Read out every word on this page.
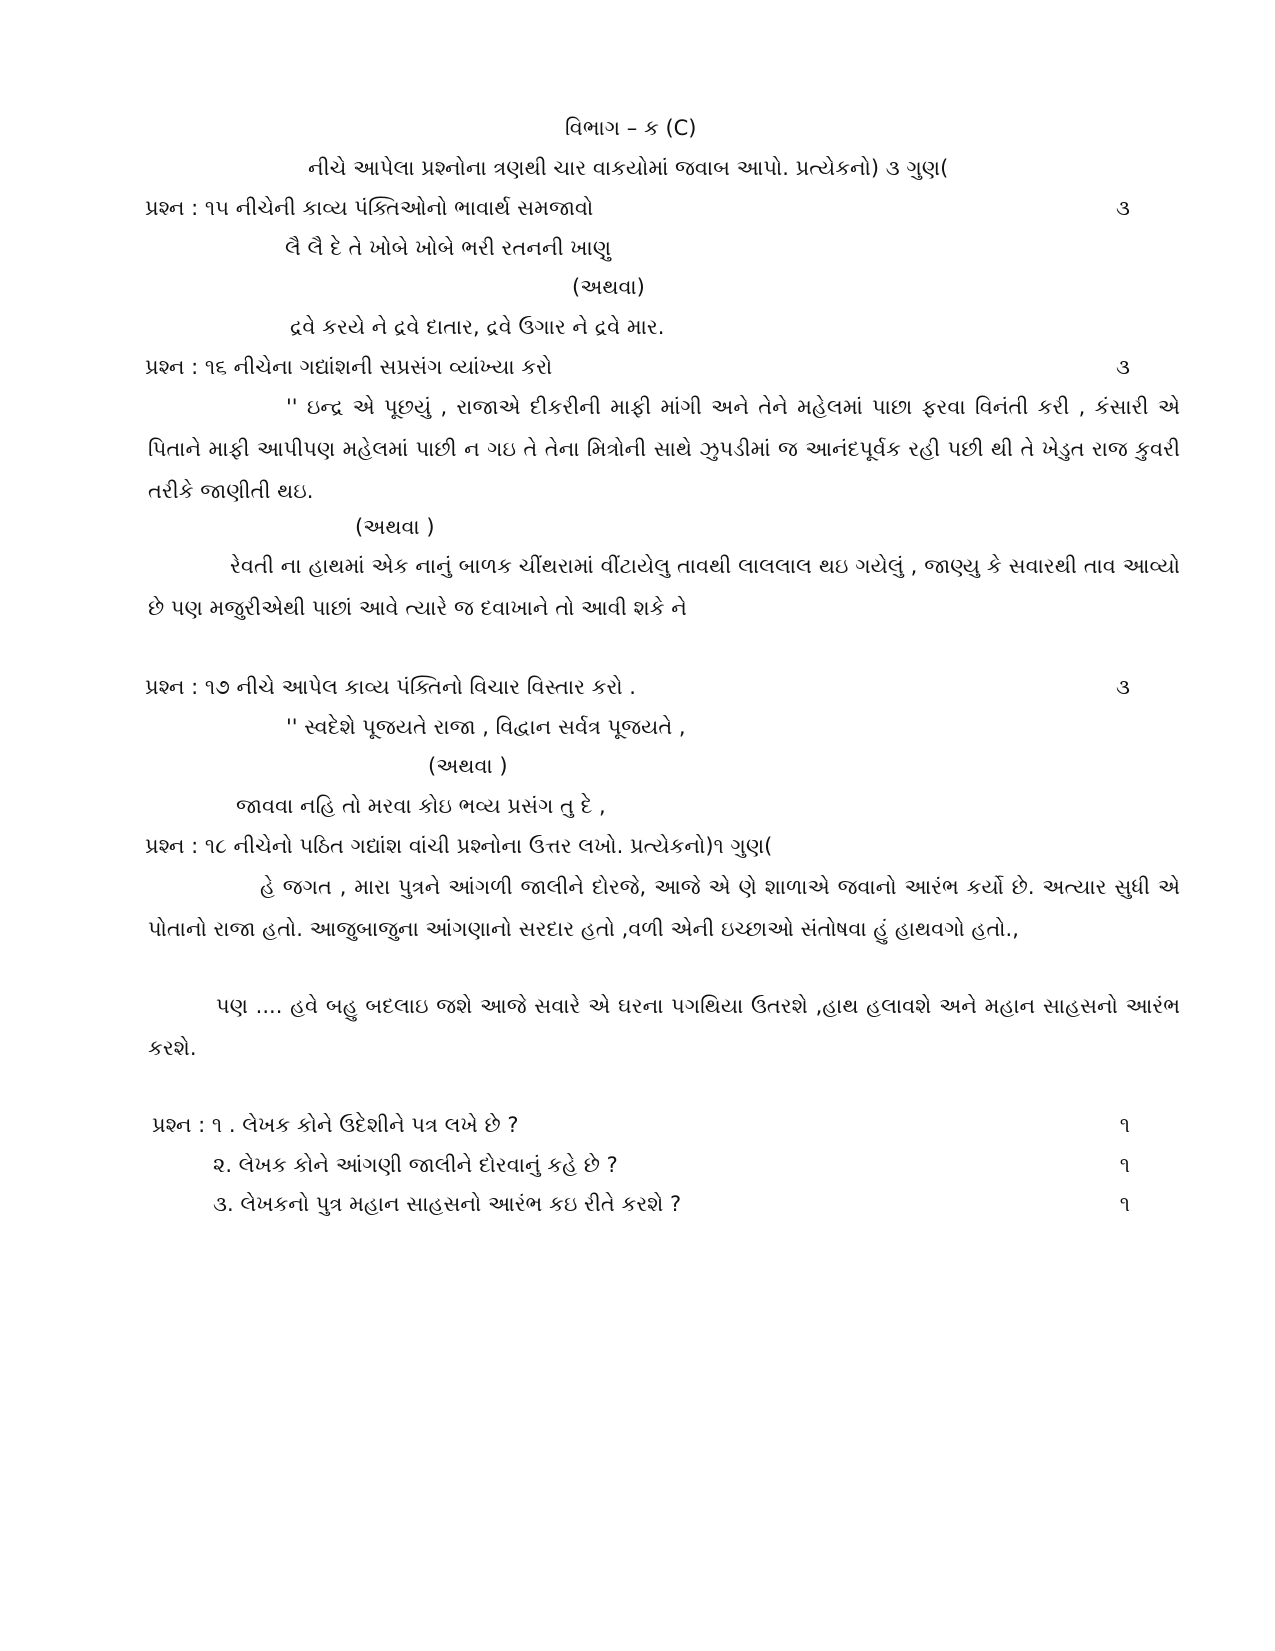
વિભાગ – ક (C)
નીચે આપેલા પ્રશ્નોના ત્રણથી ચાર વાકયોમાં જવાબ આપો. પ્રત્યેકનો) ૩ ગુણ(
પ્રશ્ન : ૧૫ નીચેની કાવ્ય પંક્તિઓનો ભાવાર્થ સમજાવો	૩
લૈ લૈ દે તે ખોબે ખોબે ભરી રતનની ખાણુ
(અથવા)
દ્રવે કરયે ને દ્રવે દાતાર, દ્રવે ઉગાર ને દ્રવે માર.
પ્રશ્ન : ૧૬ નીચેના ગદ્યાંશની સપ્રસંગ વ્યાંખ્યા કરો	૩
'' ઇન્દ્ર એ પૂછયું , રાજાએ દીકરીની માફી માંગી અને તેને મહેલમાં પાછા ફરવા વિનંતી કરી , કંસારી એ પિતાને માફી આપીપણ મહેલમાં પાછી ન ગઇ તે તેના મિત્રોની સાથે ઝુપડીમાં જ આનંદપૂર્વક રહી પછી થી તે ખેડુત રાજ કુવરી તરીકે જાણીતી થઇ.
(અથવા )
રેવતી ના હાથમાં એક નાનું બાળક ચીંથરામાં વીંટાયેલુ તાવથી લાલલાલ થઇ ગયેલું , જાણ્યુ કે સવારથી તાવ આવ્યો છે પણ મજુરીએથી પાછાં આવે ત્યારે જ દવાખાને તો આવી શકે ને
પ્રશ્ન : ૧૭ નીચે આપેલ કાવ્ય પંક્તિનો વિચાર વિસ્તાર કરો .	૩
'' સ્વદેશે પૂજયતે રાજા , વિદ્વાન સર્વત્ર પૂજયતે ,
(અથવા )
જાવવા નહિ તો મરવા કોઇ ભવ્ય પ્રસંગ તુ દે ,
પ્રશ્ન : ૧૮ નીચેનો પઠિત ગદ્યાંશ વાંચી પ્રશ્નોના ઉત્તર લખો. પ્રત્યેકનો)૧ ગુણ(
હે જગત , મારા પુત્રને આંગળી જાલીને દોરજે, આજે એ ણે શાળાએ જવાનો આરંભ કર્યો છે. અત્યાર સુધી એ પોતાનો રાજા હતો. આજુબાજુના આંગણાનો સરદાર હતો ,વળી એની ઇચ્છાઓ સંતોષવા હું હાથવગો હતો.,
પણ .... હવે બહુ બદલાઇ જશે આજે સવારે એ ઘરના પગથિયા ઉતરશે ,હાથ હલાવશે અને મહાન સાહસનો આરંભ કરશે.
પ્રશ્ન : ૧ . લેખક કોને ઉદેશીને પત્ર લખે છે ?	૧
૨. લેખક કોને આંગણી જાલીને દોરવાનું કહે છે ?	૧
૩. લેખકનો પુત્ર મહાન સાહસનો આરંભ કઇ રીતે કરશે ?	૧
